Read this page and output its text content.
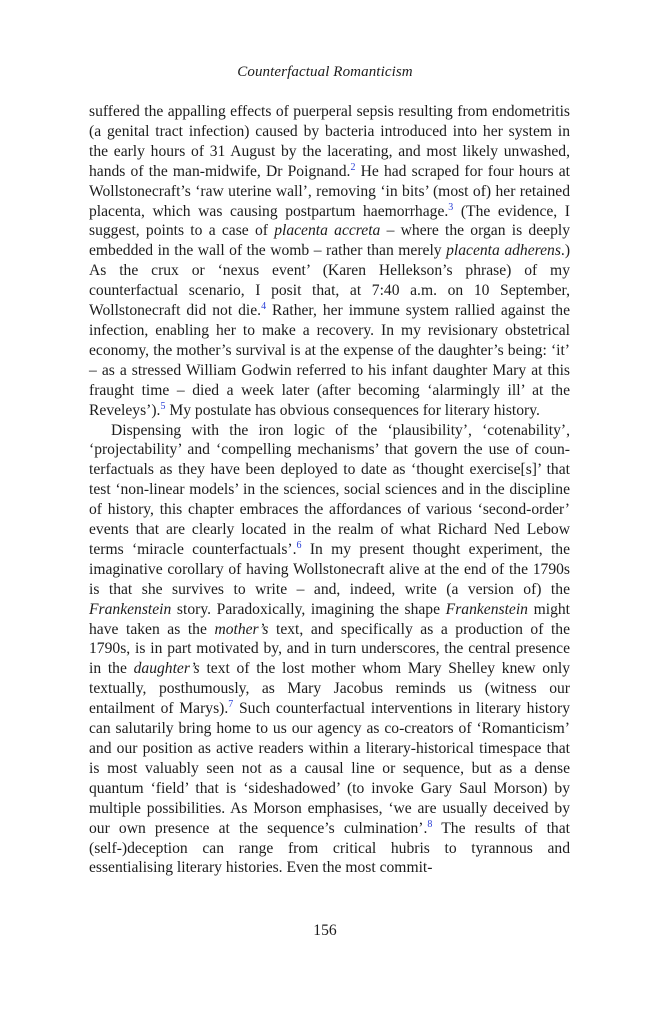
Counterfactual Romanticism

suffered the appalling effects of puerperal sepsis resulting from endometritis (a genital tract infection) caused by bacteria introduced into her system in the early hours of 31 August by the lacerating, and most likely unwashed, hands of the man-midwife, Dr Poignand.$^2$ He had scraped for four hours at Wollstonecraft’s ‘raw uterine wall’, removing ‘in bits’ (most of) her retained placenta, which was causing postpartum haemorrhage.$^3$ (The evidence, I suggest, points to a case of placenta accreta – where the organ is deeply embedded in the wall of the womb – rather than merely placenta adherens.) As the crux or ‘nexus event’ (Karen Hellekson’s phrase) of my counterfactual scenario, I posit that, at 7:40 a.m. on 10 September, Wollstonecraft did not die.$^4$ Rather, her immune system rallied against the infection, enabling her to make a recovery. In my revisionary obstetrical economy, the mother’s survival is at the expense of the daughter’s being: ‘it’ – as a stressed William Godwin referred to his infant daughter Mary at this fraught time – died a week later (after becoming ‘alarmingly ill’ at the Reveleys’).$^5$ My postulate has obvious consequences for literary history.

Dispensing with the iron logic of the ‘plausibility’, ‘cotenability’, ‘projectability’ and ‘compelling mechanisms’ that govern the use of counterfactuals as they have been deployed to date as ‘thought exercise[s]’ that test ‘non-linear models’ in the sciences, social sciences and in the discipline of history, this chapter embraces the affordances of various ‘second-order’ events that are clearly located in the realm of what Richard Ned Lebow terms ‘miracle counterfactuals’.$^6$ In my present thought experiment, the imaginative corollary of having Wollstonecraft alive at the end of the 1790s is that she survives to write – and, indeed, write (a version of) the Frankenstein story. Paradoxically, imagining the shape Frankenstein might have taken as the mother’s text, and specifically as a production of the 1790s, is in part motivated by, and in turn underscores, the central presence in the daughter’s text of the lost mother whom Mary Shelley knew only textually, posthumously, as Mary Jacobus reminds us (witness our entailment of Marys).$^7$ Such counterfactual interventions in literary history can salutarily bring home to us our agency as co-creators of ‘Romanticism’ and our position as active readers within a literary-historical timespace that is most valuably seen not as a causal line or sequence, but as a dense quantum ‘field’ that is ‘sideshadowed’ (to invoke Gary Saul Morson) by multiple possibilities. As Morson emphasises, ‘we are usually deceived by our own presence at the sequence’s culmination’.$^8$ The results of that (self-)deception can range from critical hubris to tyrannous and essentialising literary histories. Even the most commit-

156
